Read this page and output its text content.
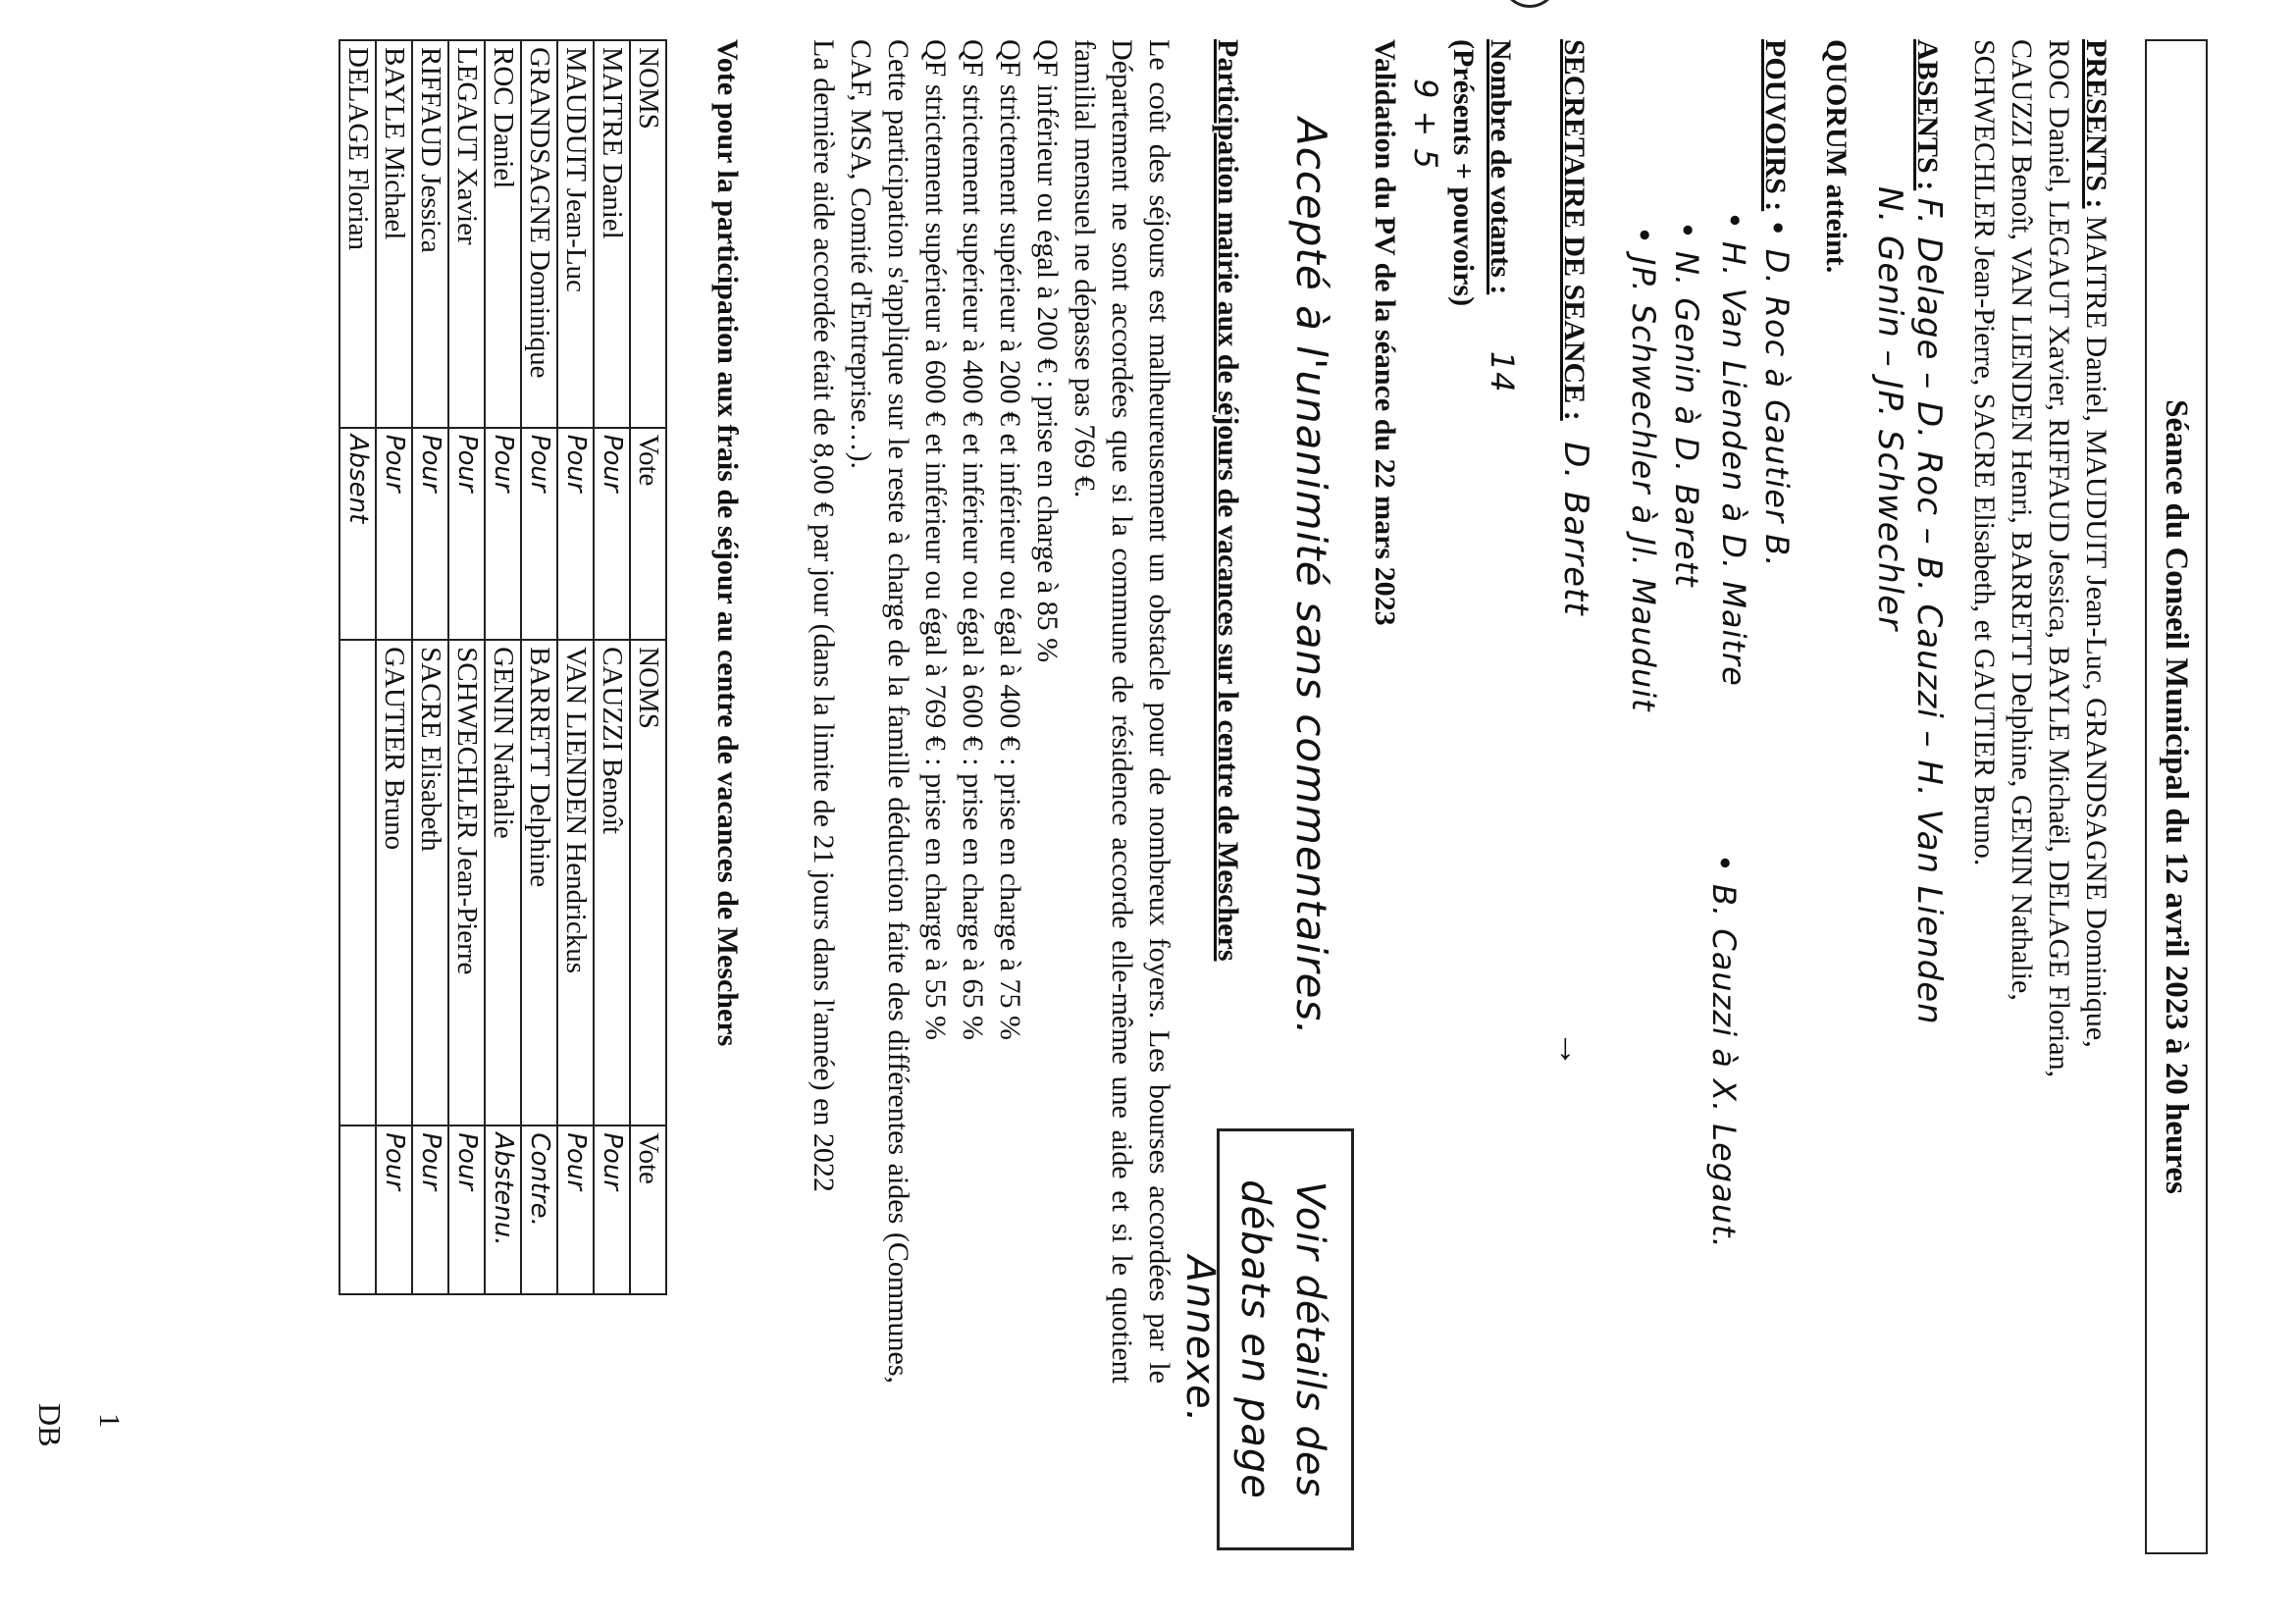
Séance du Conseil Municipal du 12 avril 2023 à 20 heures
PRESENTS : MAITRE Daniel, MAUDUIT Jean-Luc, GRANDSAGNE Dominique,
ROC Daniel, LEGAUT Xavier, RIFFAUD Jessica, BAYLE Michaël, DELAGE Florian,
CAUZZI Benoît, VAN LIENDEN Henri, BARRETT Delphine, GENIN Nathalie,
SCHWECHLER Jean-Pierre, SACRE Elisabeth, et GAUTIER Bruno.
ABSENTS : F. Delage – D. Roc – B. Cauzzi – H. Van Lienden
N. Genin – JP. Schwechler
QUORUM atteint.
POUVOIRS : • D. Roc à Gautier B.
• H. Van Lienden à D. Maitre
• B. Cauzzi à X. Legaut.
• N. Genin à D. Barett
• JP. Schwechler à Jl. Mauduit
SECRETAIRE DE SEANCE : D. Barrett
→
Voir détails des débats en page Annexe.
Nombre de votants : 14
(Présents + pouvoirs)
9 + 5
Validation du PV de la séance du 22 mars 2023
Accepté à l'unanimité sans commentaires.
Participation mairie aux de séjours de vacances sur le centre de Meschers
Le coût des séjours est malheureusement un obstacle pour de nombreux foyers. Les bourses accordées par le Département ne sont accordées que si la commune de résidence accorde elle-même une aide et si le quotient familial mensuel ne dépasse pas 769 €.
QF inférieur ou égal à 200 € : prise en charge à 85 %
QF strictement supérieur à 200 € et inférieur ou égal à 400 € : prise en charge à 75 %
QF strictement supérieur à 400 € et inférieur ou égal à 600 € : prise en charge à 65 %
QF strictement supérieur à 600 € et inférieur ou égal à 769 € : prise en charge à 55 %
Cette participation s'applique sur le reste à charge de la famille déduction faite des différentes aides (Communes, CAF, MSA, Comité d'Entreprise…).
La dernière aide accordée était de 8,00 € par jour (dans la limite de 21 jours dans l'année) en 2022
Vote pour la participation aux frais de séjour au centre de vacances de Meschers
NOMS	Vote	NOMS	Vote
MAITRE Daniel	Pour	CAUZZI Benoît	Pour
MAUDUIT Jean-Luc	Pour	VAN LIENDEN Hendrickus	Pour
GRANDSAGNE Dominique	Pour	BARRETT Delphine	Contre.
ROC Daniel	Pour	GENIN Nathalie	Abstenu.
LEGAUT Xavier	Pour	SCHWECHLER Jean-Pierre	Pour
RIFFAUD Jessica	Pour	SACRE Elisabeth	Pour
BAYLE Michael	Pour	GAUTIER Bruno	Pour
DELAGE Florian	Absent		
1
DB
